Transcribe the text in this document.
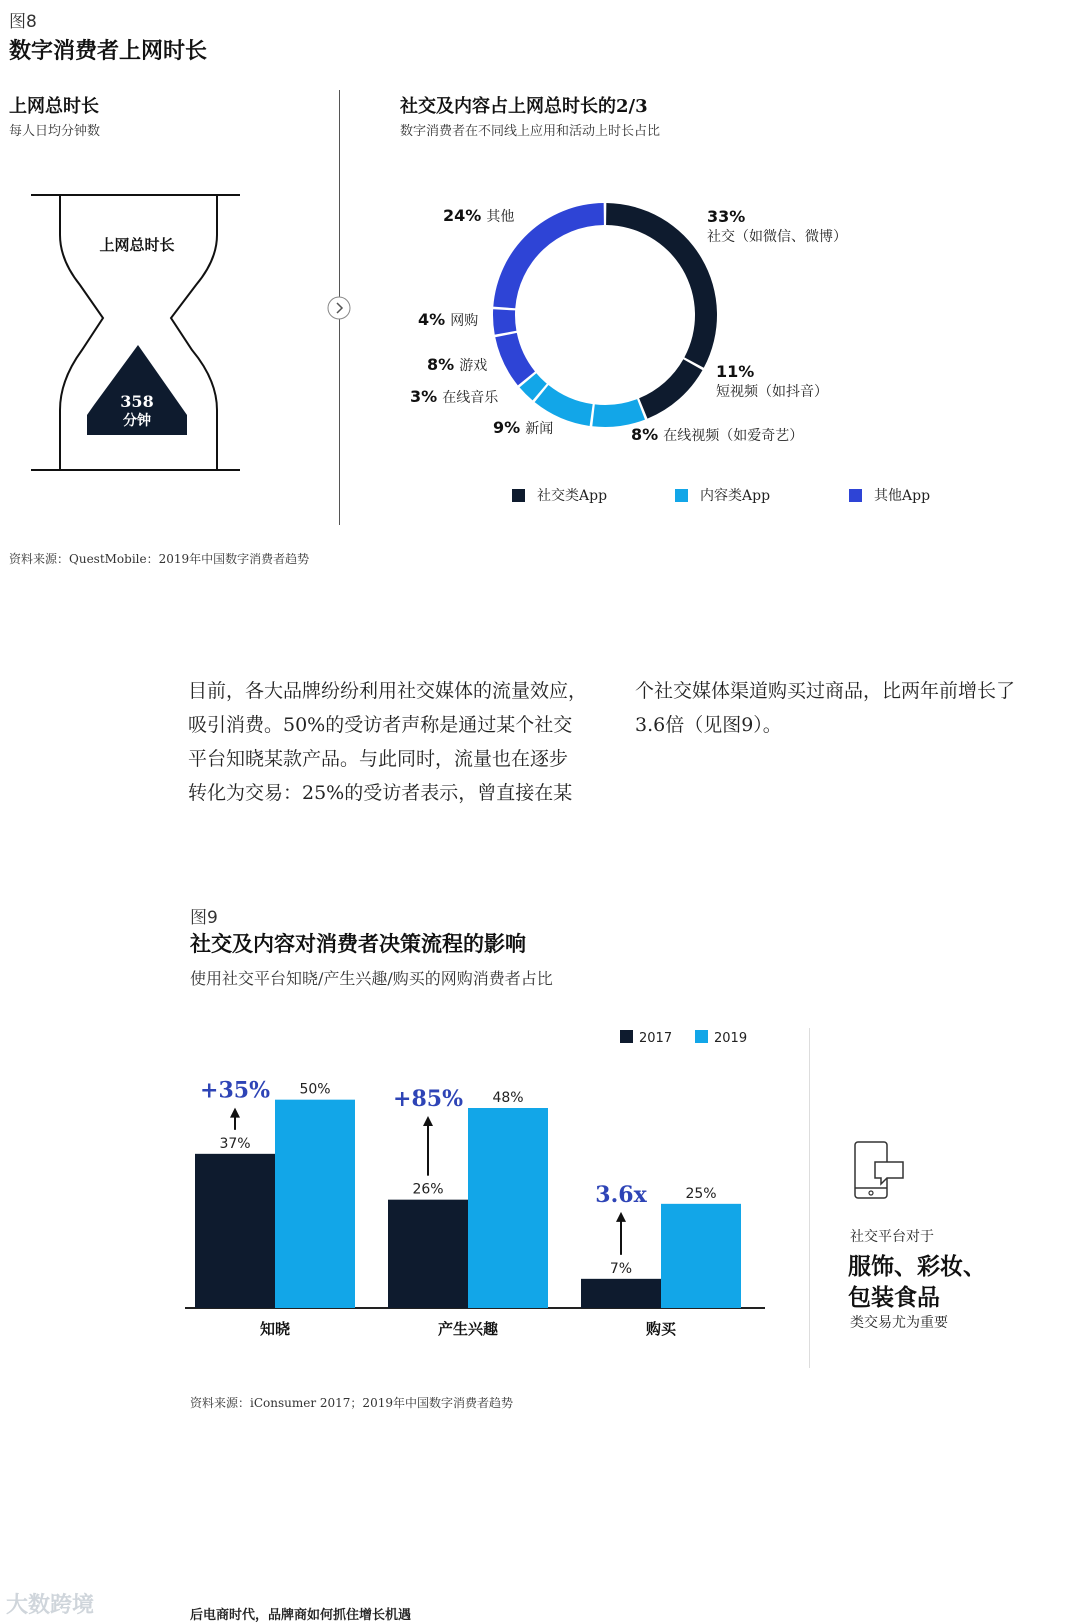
图8
数字消费者上网时长
上网总时长
每人日均分钟数
上网总时长
358
分钟
社交及内容占上网总时长的2/3
数字消费者在不同线上应用和活动上时长占比
33%
社交（如微信、微博）
11%
短视频（如抖音）
8% 在线视频（如爱奇艺）
9% 新闻
3% 在线音乐
8% 游戏
4% 网购
24% 其他
社交类App	内容类App	其他App
资料来源：QuestMobile：2019年中国数字消费者趋势
目前，各大品牌纷纷利用社交媒体的流量效应，
吸引消费。50%的受访者声称是通过某个社交
平台知晓某款产品。与此同时，流量也在逐步
转化为交易：25%的受访者表示，曾直接在某
个社交媒体渠道购买过商品，比两年前增长了
3.6倍（见图9）。
图9
社交及内容对消费者决策流程的影响
使用社交平台知晓/产生兴趣/购买的网购消费者占比
37%
50%
知晓
+35%
26%
48%
产生兴趣
+85%
7%
25%
购买
3.6x
2017	2019
社交平台对于
服饰、彩妆、
包装食品
类交易尤为重要
资料来源：iConsumer 2017；2019年中国数字消费者趋势
大数跨境	后电商时代，品牌商如何抓住增长机遇
